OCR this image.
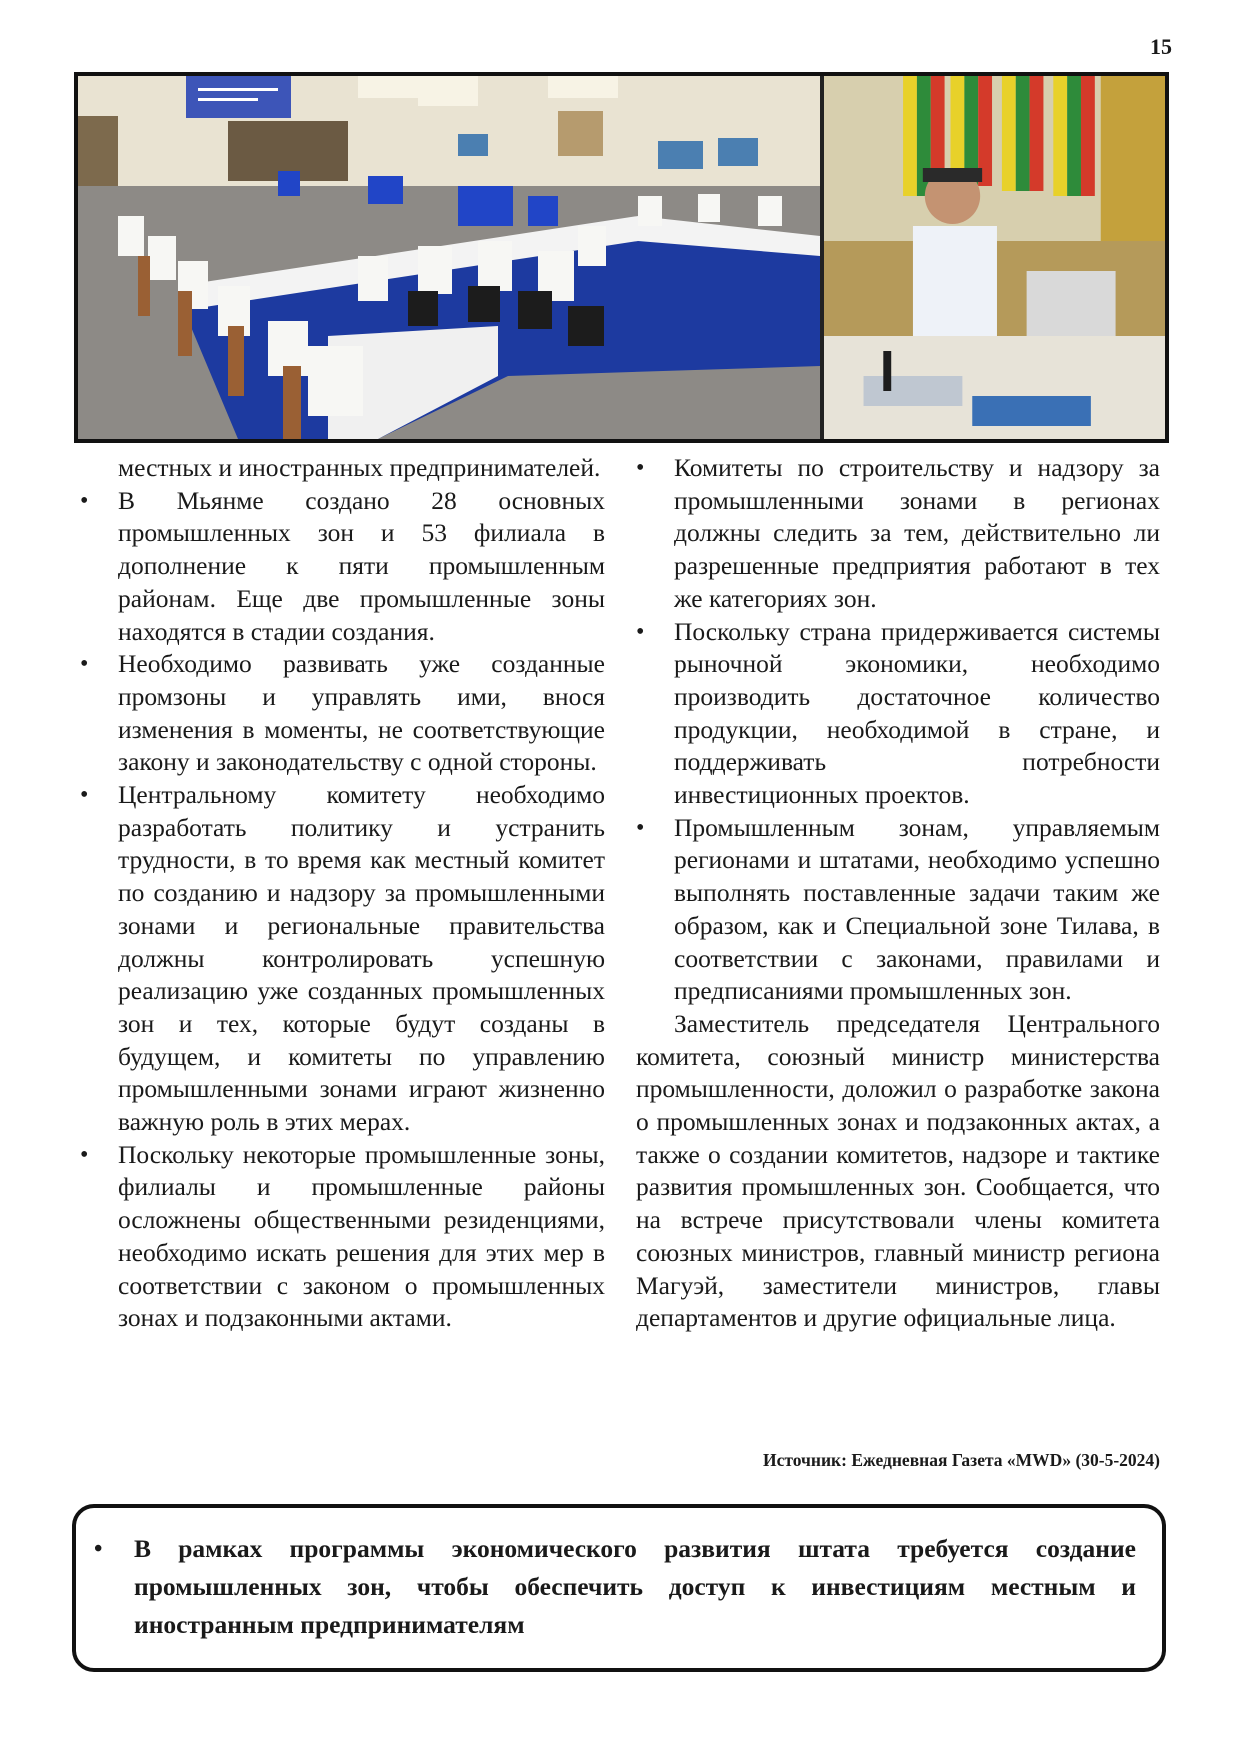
15

местных и иностранных предпринимателей.

• В Мьянме создано 28 основных промышленных зон и 53 филиала в дополнение к пяти промышленным районам. Еще две промышленные зоны находятся в стадии создания.

• Необходимо развивать уже созданные промзоны и управлять ими, внося изменения в моменты, не соответствующие закону и законодательству с одной стороны.

• Центральному комитету необходимо разработать политику и устранить трудности, в то время как местный комитет по созданию и надзору за промышленными зонами и региональные правительства должны контролировать успешную реализацию уже созданных промышленных зон и тех, которые будут созданы в будущем, и комитеты по управлению промышленными зонами играют жизненно важную роль в этих мерах.

• Поскольку некоторые промышленные зоны, филиалы и промышленные районы осложнены общественными резиденциями, необходимо искать решения для этих мер в соответствии с законом о промышленных зонах и подзаконными актами.

• Комитеты по строительству и надзору за промышленными зонами в регионах должны следить за тем, действительно ли разрешенные предприятия работают в тех же категориях зон.

• Поскольку страна придерживается системы рыночной экономики, необходимо производить достаточное количество продукции, необходимой в стране, и поддерживать потребности инвестиционных проектов.

• Промышленным зонам, управляемым регионами и штатами, необходимо успешно выполнять поставленные задачи таким же образом, как и Специальной зоне Тилава, в соответствии с законами, правилами и предписаниями промышленных зон.

Заместитель председателя Центрального комитета, союзный министр министерства промышленности, доложил о разработке закона о промышленных зонах и подзаконных актах, а также о создании комитетов, надзоре и тактике развития промышленных зон. Сообщается, что на встрече присутствовали члены комитета союзных министров, главный министр региона Магуэй, заместители министров, главы департаментов и другие официальные лица.

Источник: Ежедневная Газета «MWD» (30-5-2024)

• В рамках программы экономического развития штата требуется создание промышленных зон, чтобы обеспечить доступ к инвестициям местным и иностранным предпринимателям
